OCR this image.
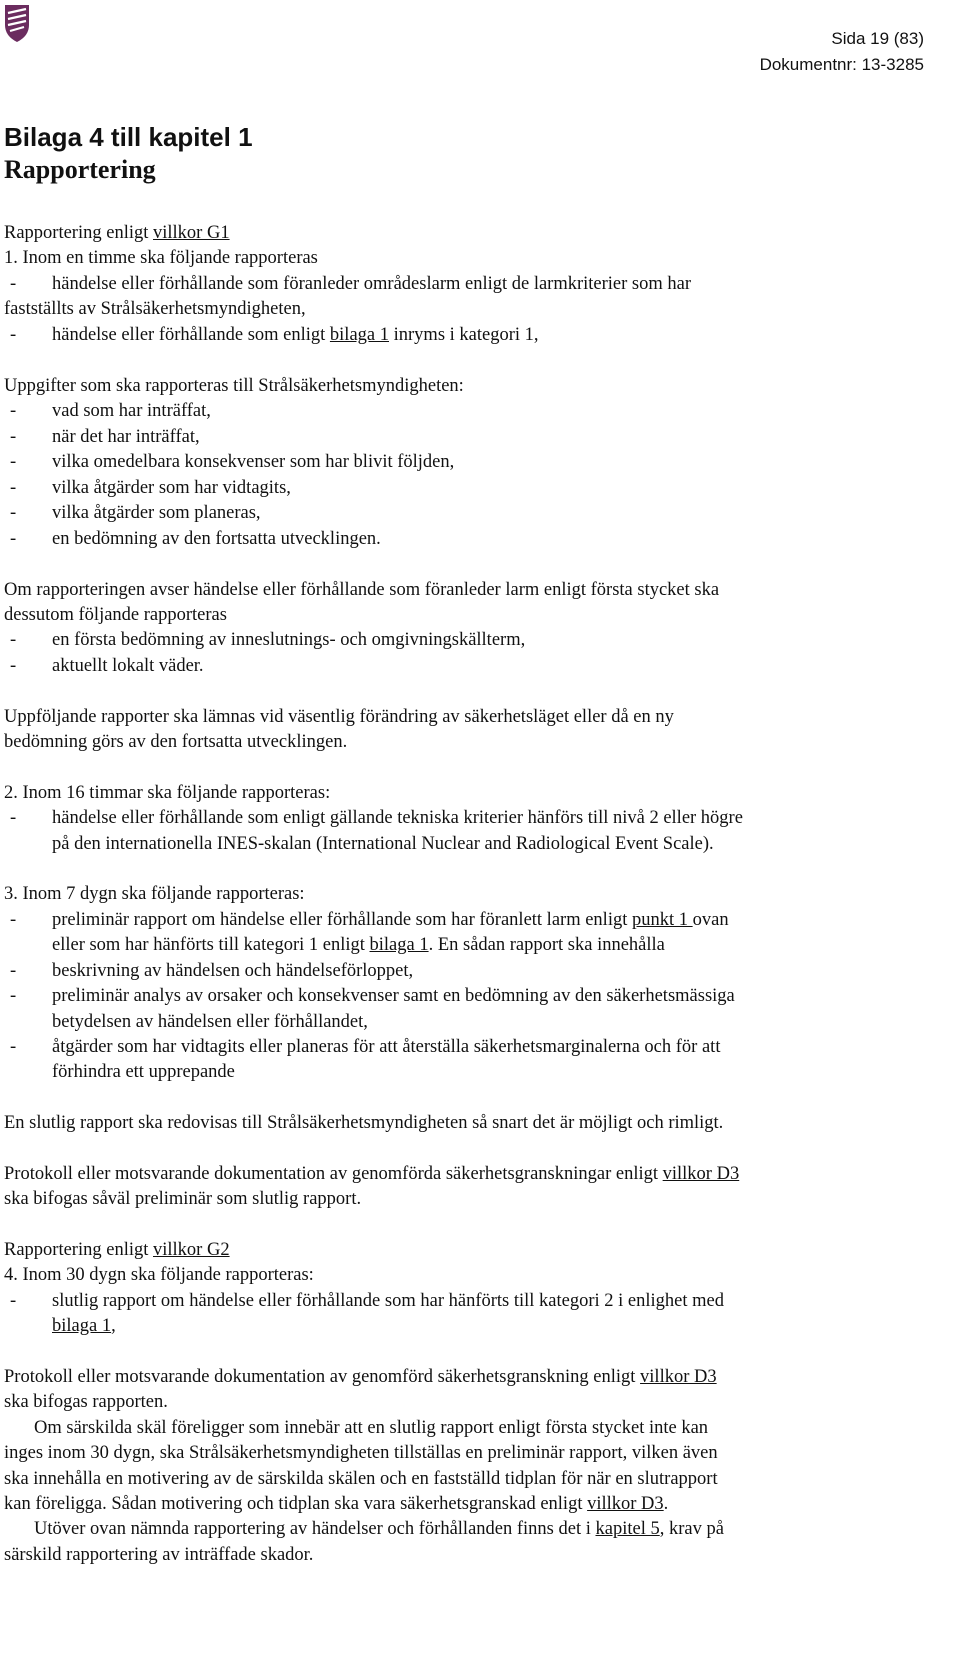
Sida 19 (83)
Dokumentnr: 13-3285
Bilaga 4 till kapitel 1
Rapportering
Rapportering enligt villkor G1
1. Inom en timme ska följande rapporteras
- händelse eller förhållande som föranleder områdeslarm enligt de larmkriterier som har
fastställts av Strålsäkerhetsmyndigheten,
- händelse eller förhållande som enligt bilaga 1 inryms i kategori 1,
Uppgifter som ska rapporteras till Strålsäkerhetsmyndigheten:
- vad som har inträffat,
- när det har inträffat,
- vilka omedelbara konsekvenser som har blivit följden,
- vilka åtgärder som har vidtagits,
- vilka åtgärder som planeras,
- en bedömning av den fortsatta utvecklingen.
Om rapporteringen avser händelse eller förhållande som föranleder larm enligt första stycket ska
dessutom följande rapporteras
- en första bedömning av inneslutnings- och omgivningskällterm,
- aktuellt lokalt väder.
Uppföljande rapporter ska lämnas vid väsentlig förändring av säkerhetsläget eller då en ny
bedömning görs av den fortsatta utvecklingen.
2. Inom 16 timmar ska följande rapporteras:
- händelse eller förhållande som enligt gällande tekniska kriterier hänförs till nivå 2 eller högre
på den internationella INES-skalan (International Nuclear and Radiological Event Scale).
3. Inom 7 dygn ska följande rapporteras:
- preliminär rapport om händelse eller förhållande som har föranlett larm enligt punkt 1 ovan
eller som har hänförts till kategori 1 enligt bilaga 1. En sådan rapport ska innehålla
- beskrivning av händelsen och händelseförloppet,
- preliminär analys av orsaker och konsekvenser samt en bedömning av den säkerhetsmässiga
betydelsen av händelsen eller förhållandet,
- åtgärder som har vidtagits eller planeras för att återställa säkerhetsmarginalerna och för att
förhindra ett upprepande
En slutlig rapport ska redovisas till Strålsäkerhetsmyndigheten så snart det är möjligt och rimligt.
Protokoll eller motsvarande dokumentation av genomförda säkerhetsgranskningar enligt villkor D3
ska bifogas såväl preliminär som slutlig rapport.
Rapportering enligt villkor G2
4. Inom 30 dygn ska följande rapporteras:
- slutlig rapport om händelse eller förhållande som har hänförts till kategori 2 i enlighet med
bilaga 1,
Protokoll eller motsvarande dokumentation av genomförd säkerhetsgranskning enligt villkor D3
ska bifogas rapporten.
Om särskilda skäl föreligger som innebär att en slutlig rapport enligt första stycket inte kan
inges inom 30 dygn, ska Strålsäkerhetsmyndigheten tillställas en preliminär rapport, vilken även
ska innehålla en motivering av de särskilda skälen och en fastställd tidplan för när en slutrapport
kan föreligga. Sådan motivering och tidplan ska vara säkerhetsgranskad enligt villkor D3.
Utöver ovan nämnda rapportering av händelser och förhållanden finns det i kapitel 5, krav på
särskild rapportering av inträffade skador.
